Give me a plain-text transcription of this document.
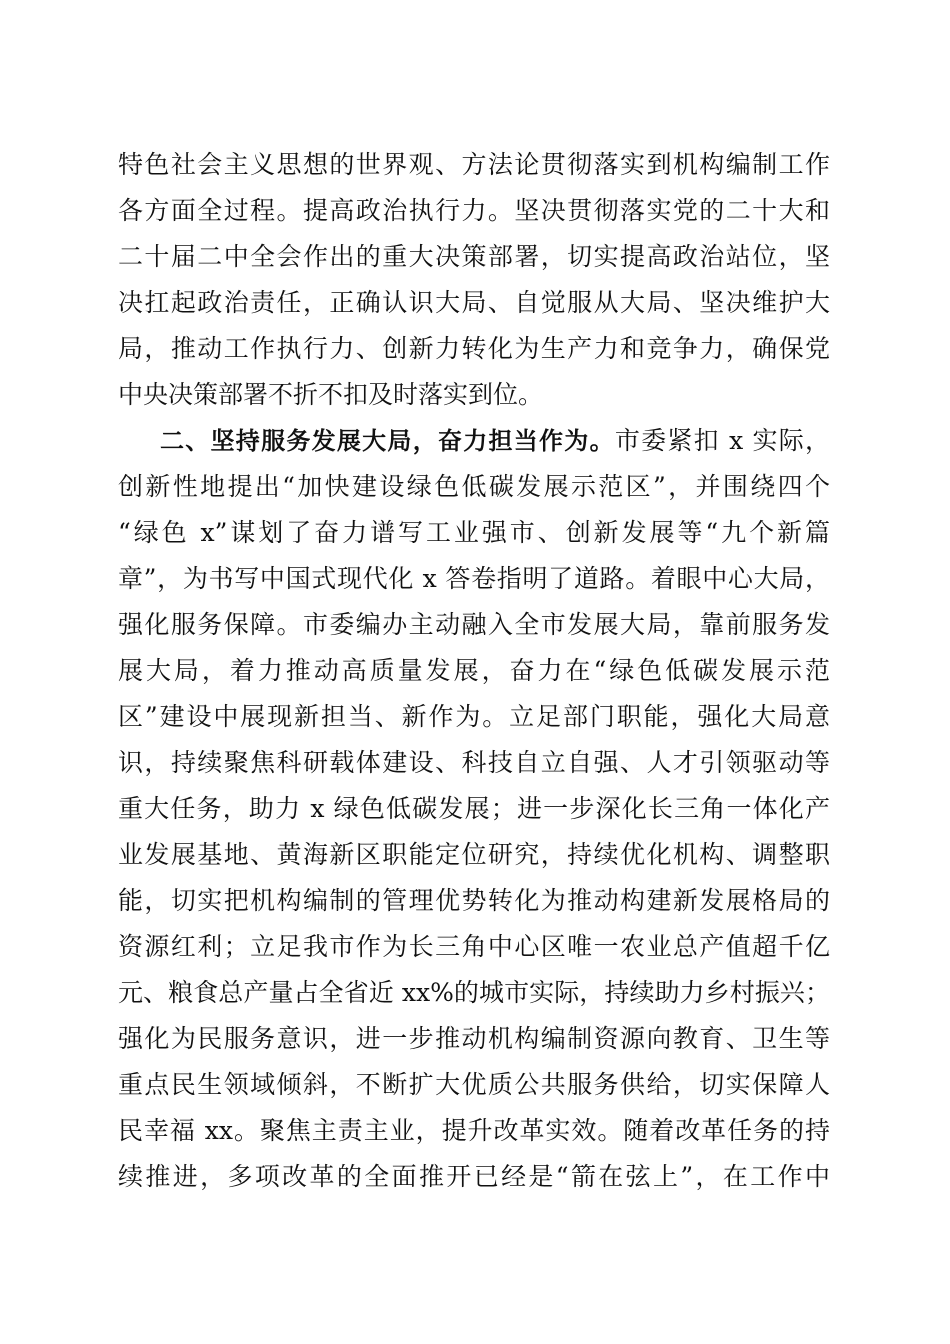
特色社会主义思想的世界观、方法论贯彻落实到机构编制工作
各方面全过程。提高政治执行力。坚决贯彻落实党的二十大和
二十届二中全会作出的重大决策部署，切实提高政治站位，坚
决扛起政治责任，正确认识大局、自觉服从大局、坚决维护大
局，推动工作执行力、创新力转化为生产力和竞争力，确保党
中央决策部署不折不扣及时落实到位。
二、坚持服务发展大局，奋力担当作为。市委紧扣 x 实际，
创新性地提出“加快建设绿色低碳发展示范区”，并围绕四个
“绿色 x”谋划了奋力谱写工业强市、创新发展等“九个新篇
章”，为书写中国式现代化 x 答卷指明了道路。着眼中心大局，
强化服务保障。市委编办主动融入全市发展大局，靠前服务发
展大局，着力推动高质量发展，奋力在“绿色低碳发展示范
区”建设中展现新担当、新作为。立足部门职能，强化大局意
识，持续聚焦科研载体建设、科技自立自强、人才引领驱动等
重大任务，助力 x 绿色低碳发展；进一步深化长三角一体化产
业发展基地、黄海新区职能定位研究，持续优化机构、调整职
能，切实把机构编制的管理优势转化为推动构建新发展格局的
资源红利；立足我市作为长三角中心区唯一农业总产值超千亿
元、粮食总产量占全省近 xx%的城市实际，持续助力乡村振兴；
强化为民服务意识，进一步推动机构编制资源向教育、卫生等
重点民生领域倾斜，不断扩大优质公共服务供给，切实保障人
民幸福 xx。聚焦主责主业，提升改革实效。随着改革任务的持
续推进，多项改革的全面推开已经是“箭在弦上”，在工作中
